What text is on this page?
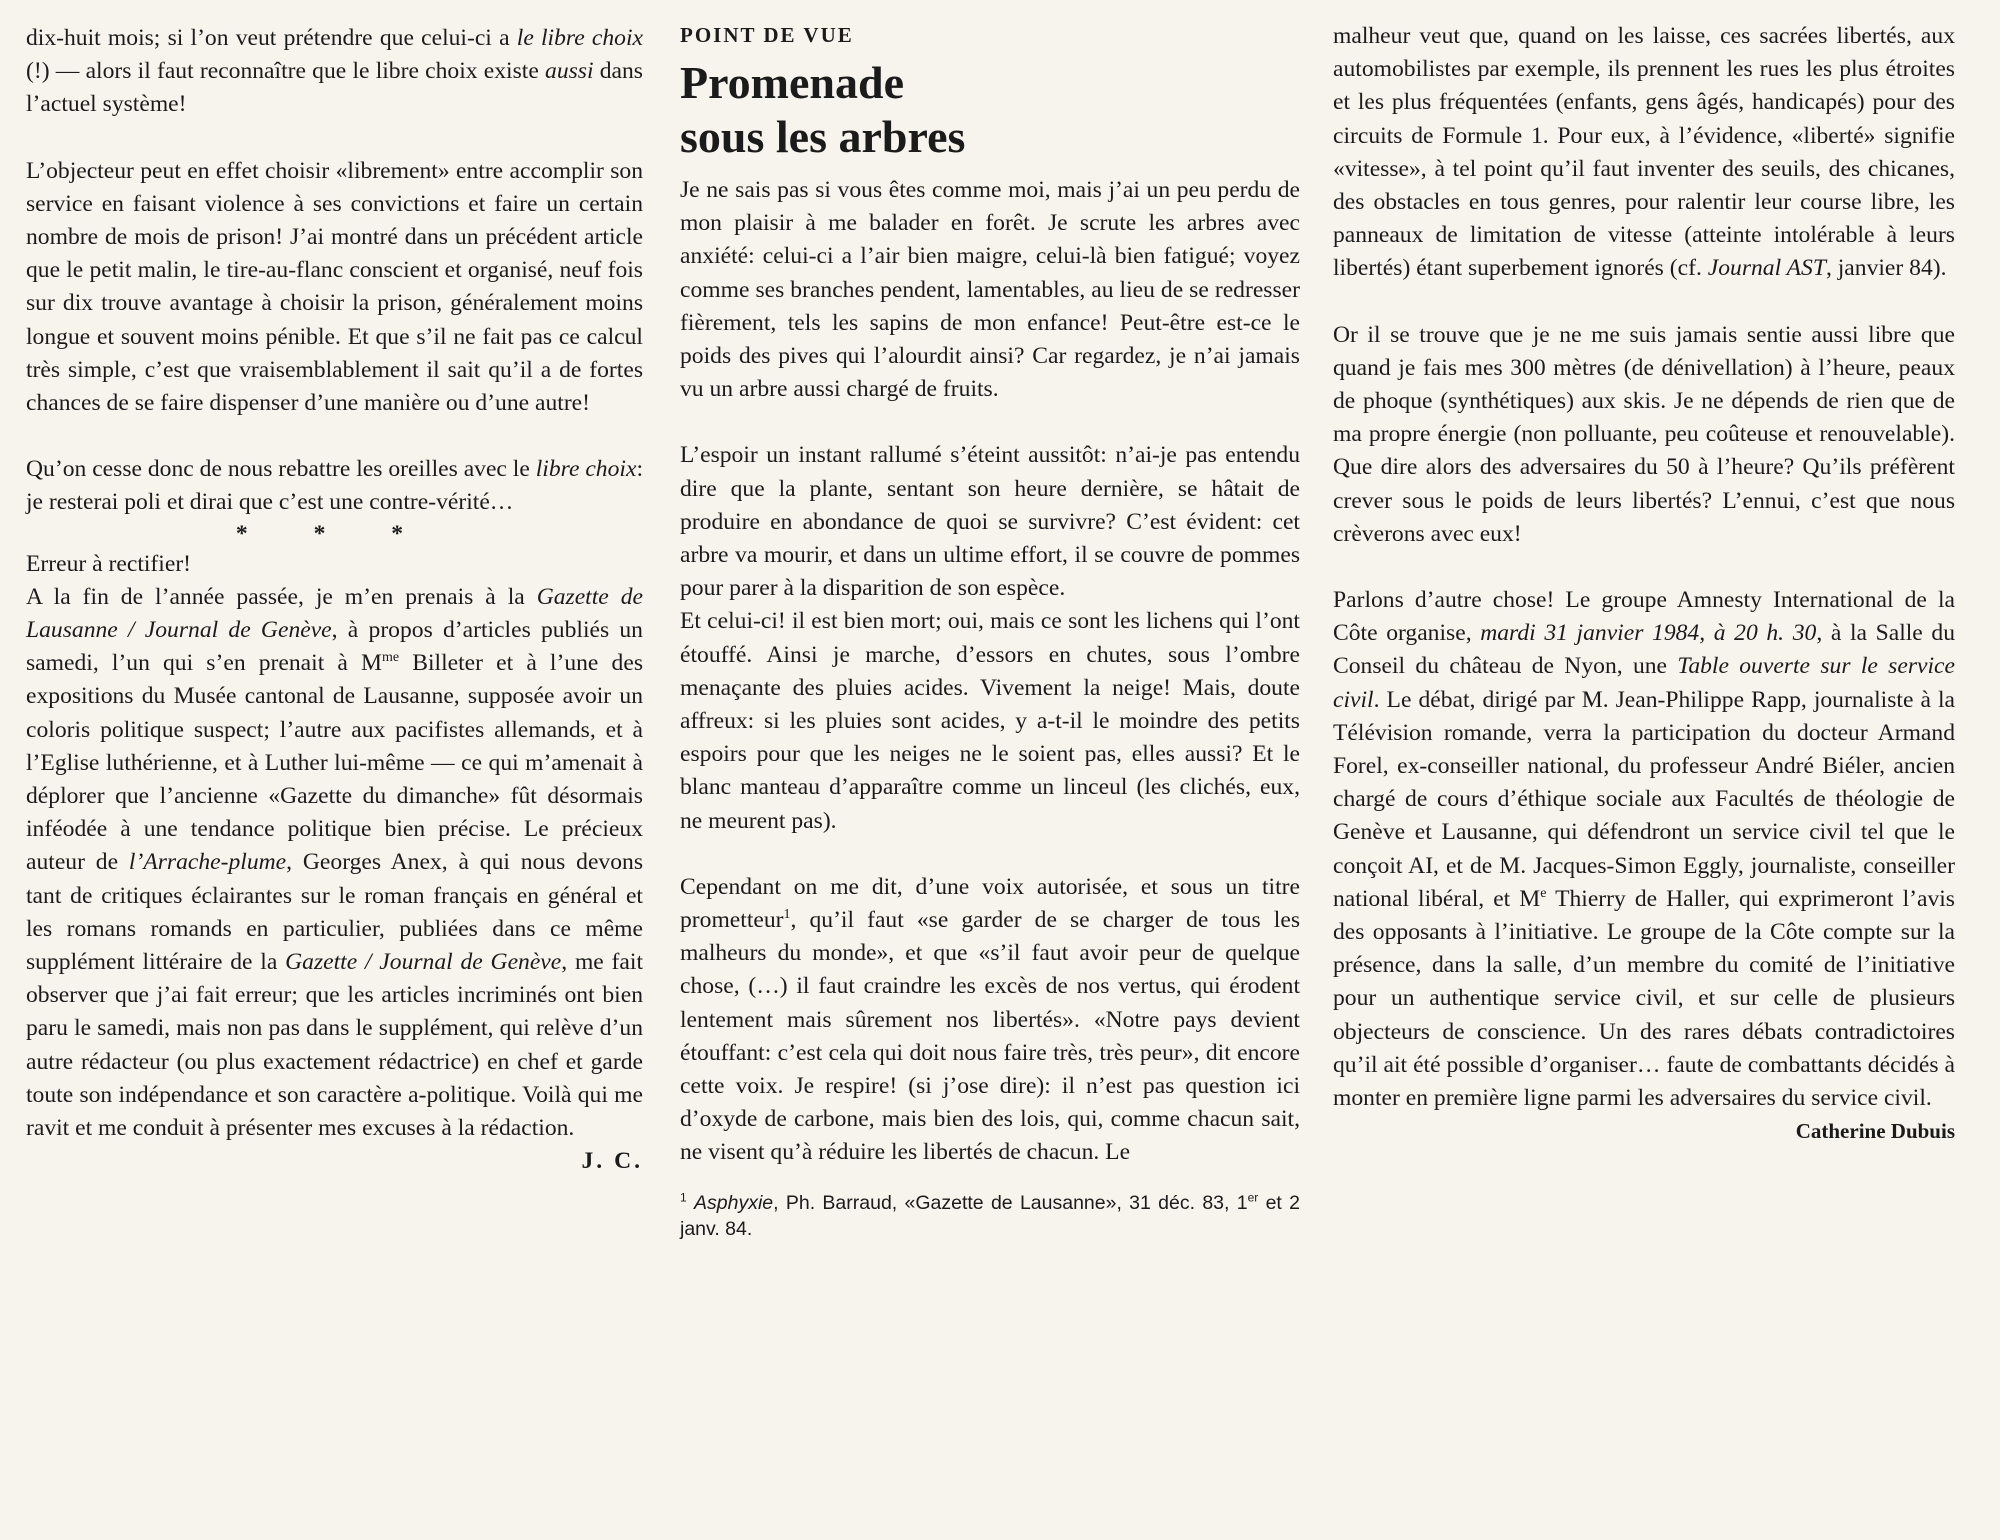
dix-huit mois; si l’on veut prétendre que celui-ci a le libre choix (!) — alors il faut reconnaître que le libre choix existe aussi dans l’actuel système!

L’objecteur peut en effet choisir «librement» entre accomplir son service en faisant violence à ses convictions et faire un certain nombre de mois de prison! J’ai montré dans un précédent article que le petit malin, le tire-au-flanc conscient et organisé, neuf fois sur dix trouve avantage à choisir la prison, généralement moins longue et souvent moins pénible. Et que s’il ne fait pas ce calcul très simple, c’est que vraisemblablement il sait qu’il a de fortes chances de se faire dispenser d’une manière ou d’une autre!

Qu’on cesse donc de nous rebattre les oreilles avec le libre choix: je resterai poli et dirai que c’est une contre-vérité…

* * *

Erreur à rectifier!

A la fin de l’année passée, je m’en prenais à la Gazette de Lausanne / Journal de Genève, à propos d’articles publiés un samedi, l’un qui s’en prenait à $M^{me}$ Billeter et à l’une des expositions du Musée cantonal de Lausanne, supposée avoir un coloris politique suspect; l’autre aux pacifistes allemands, et à l’Eglise luthérienne, et à Luther lui-même — ce qui m’amenait à déplorer que l’ancienne «Gazette du dimanche» fût désormais inféodée à une tendance politique bien précise. Le précieux auteur de l’Arrache-plume, Georges Anex, à qui nous devons tant de critiques éclairantes sur le roman français en général et les romans romands en particulier, publiées dans ce même supplément littéraire de la Gazette / Journal de Genève, me fait observer que j’ai fait erreur; que les articles incriminés ont bien paru le samedi, mais non pas dans le supplément, qui relève d’un autre rédacteur (ou plus exactement rédactrice) en chef et garde toute son indépendance et son caractère a-politique. Voilà qui me ravit et me conduit à présenter mes excuses à la rédaction.

J. C.

POINT DE VUE
Promenade
sous les arbres

Je ne sais pas si vous êtes comme moi, mais j’ai un peu perdu de mon plaisir à me balader en forêt. Je scrute les arbres avec anxiété: celui-ci a l’air bien maigre, celui-là bien fatigué; voyez comme ses branches pendent, lamentables, au lieu de se redresser fièrement, tels les sapins de mon enfance! Peut-être est-ce le poids des pives qui l’alourdit ainsi? Car regardez, je n’ai jamais vu un arbre aussi chargé de fruits.

L’espoir un instant rallumé s’éteint aussitôt: n’ai-je pas entendu dire que la plante, sentant son heure dernière, se hâtait de produire en abondance de quoi se survivre? C’est évident: cet arbre va mourir, et dans un ultime effort, il se couvre de pommes pour parer à la disparition de son espèce.

Et celui-ci! il est bien mort; oui, mais ce sont les lichens qui l’ont étouffé. Ainsi je marche, d’essors en chutes, sous l’ombre menaçante des pluies acides. Vivement la neige! Mais, doute affreux: si les pluies sont acides, y a-t-il le moindre des petits espoirs pour que les neiges ne le soient pas, elles aussi? Et le blanc manteau d’apparaître comme un linceul (les clichés, eux, ne meurent pas).

Cependant on me dit, d’une voix autorisée, et sous un titre prometteur$^1$, qu’il faut «se garder de se charger de tous les malheurs du monde», et que «s’il faut avoir peur de quelque chose, (…) il faut craindre les excès de nos vertus, qui érodent lentement mais sûrement nos libertés». «Notre pays devient étouffant: c’est cela qui doit nous faire très, très peur», dit encore cette voix. Je respire! (si j’ose dire): il n’est pas question ici d’oxyde de carbone, mais bien des lois, qui, comme chacun sait, ne visent qu’à réduire les libertés de chacun. Le

$^1$ Asphyxie, Ph. Barraud, «Gazette de Lausanne», 31 déc. 83, 1er et 2 janv. 84.

malheur veut que, quand on les laisse, ces sacrées libertés, aux automobilistes par exemple, ils prennent les rues les plus étroites et les plus fréquentées (enfants, gens âgés, handicapés) pour des circuits de Formule 1. Pour eux, à l’évidence, «liberté» signifie «vitesse», à tel point qu’il faut inventer des seuils, des chicanes, des obstacles en tous genres, pour ralentir leur course libre, les panneaux de limitation de vitesse (atteinte intolérable à leurs libertés) étant superbement ignorés (cf. Journal AST, janvier 84).

Or il se trouve que je ne me suis jamais sentie aussi libre que quand je fais mes 300 mètres (de dénivellation) à l’heure, peaux de phoque (synthétiques) aux skis. Je ne dépends de rien que de ma propre énergie (non polluante, peu coûteuse et renouvelable). Que dire alors des adversaires du 50 à l’heure? Qu’ils préfèrent crever sous le poids de leurs libertés? L’ennui, c’est que nous crèverons avec eux!

Parlons d’autre chose! Le groupe Amnesty International de la Côte organise, mardi 31 janvier 1984, à 20 h. 30, à la Salle du Conseil du château de Nyon, une Table ouverte sur le service civil. Le débat, dirigé par M. Jean-Philippe Rapp, journaliste à la Télévision romande, verra la participation du docteur Armand Forel, ex-conseiller national, du professeur André Biéler, ancien chargé de cours d’éthique sociale aux Facultés de théologie de Genève et Lausanne, qui défendront un service civil tel que le conçoit AI, et de M. Jacques-Simon Eggly, journaliste, conseiller national libéral, et Me Thierry de Haller, qui exprimeront l’avis des opposants à l’initiative. Le groupe de la Côte compte sur la présence, dans la salle, d’un membre du comité de l’initiative pour un authentique service civil, et sur celle de plusieurs objecteurs de conscience. Un des rares débats contradictoires qu’il ait été possible d’organiser… faute de combattants décidés à monter en première ligne parmi les adversaires du service civil.

Catherine Dubuis
